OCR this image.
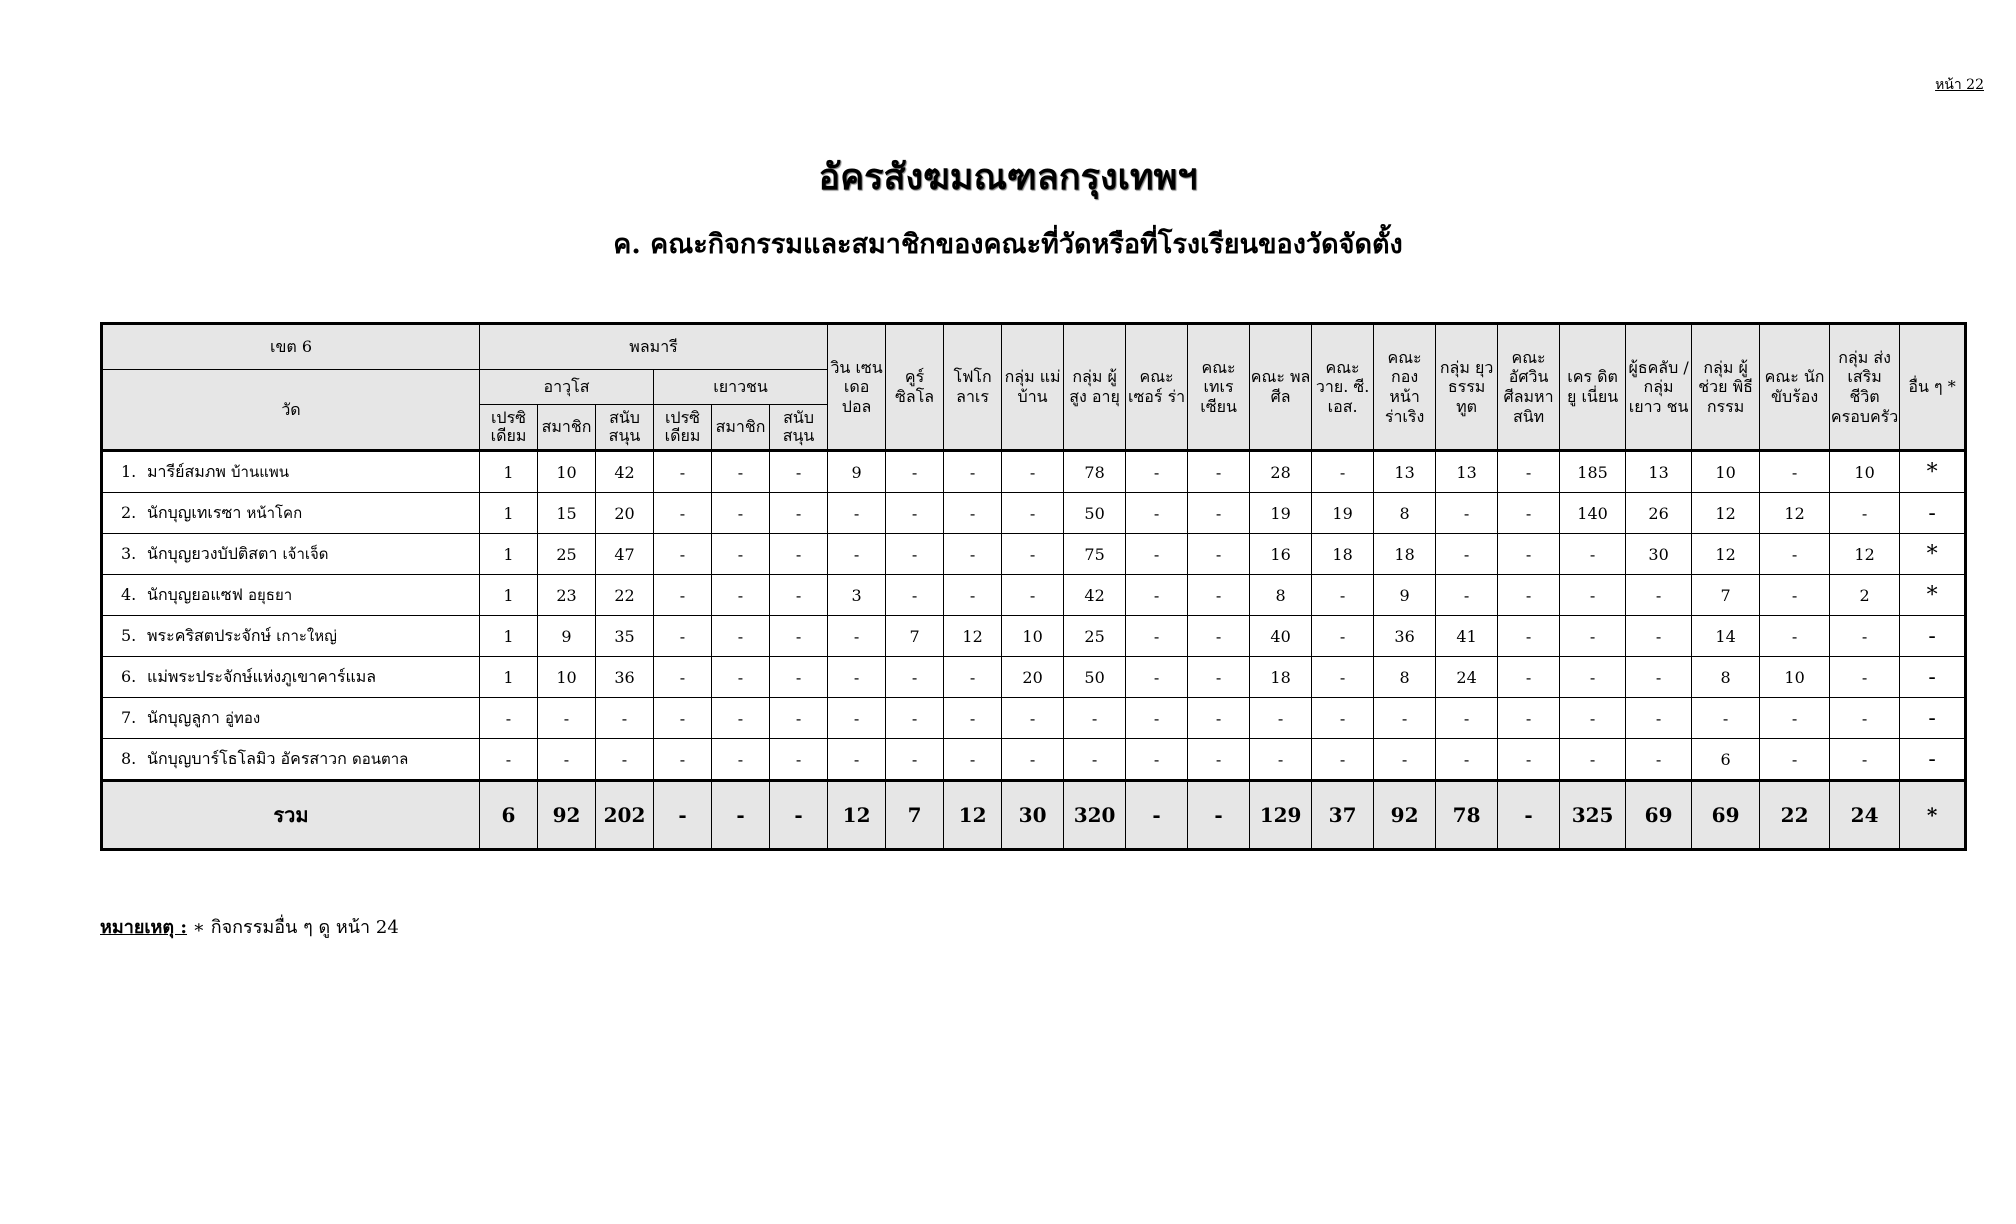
หน้า 22
อัครสังฆมณฑลกรุงเทพฯ
ค. คณะกิจกรรมและสมาชิกของคณะที่วัดหรือที่โรงเรียนของวัดจัดตั้ง
เขต 6	พลมารี						วิน เซน เดอ ปอล	คูร์ ซิลโล	โฟโก ลาเร	กลุ่ม แม่ บ้าน	กลุ่ม ผู้สูง อายุ	คณะ เซอร์ ร่า	คณะ เทเร เซียน	คณะ พล ศีล	คณะ วาย. ซี. เอส.	คณะ กอง หน้า ร่าเริง	กลุ่ม ยุว ธรรม ทูต	คณะ อัศวิน ศีลมหา สนิท	เคร ดิต ยู เนี่ยน	ผู้ธคลับ /กลุ่ม เยาว ชน	กลุ่ม ผู้ช่วย พิธี กรรม	คณะ นัก ขับร้อง	กลุ่ม ส่งเสริม ชีวิต ครอบครัว	อื่น ๆ *
วัด	อาวุโส			เยาวชน																				
	เปรซิ เดียม	สมาชิก	สนับ สนุน	เปรซิ เดียม	สมาชิก	สนับ สนุน																		
1. มารีย์สมภพ บ้านแพน	1	10	42	-	-	-	9	-	-	-	78	-	-	28	-	13	13	-	185	13	10	-	10	*
2. นักบุญเทเรซา หน้าโคก	1	15	20	-	-	-	-	-	-	-	50	-	-	19	19	8	-	-	140	26	12	12	-	-
3. นักบุญยวงบัปติสตา เจ้าเจ็ด	1	25	47	-	-	-	-	-	-	-	75	-	-	16	18	18	-	-	-	30	12	-	12	*
4. นักบุญยอแซฟ อยุธยา	1	23	22	-	-	-	3	-	-	-	42	-	-	8	-	9	-	-	-	-	7	-	2	*
5. พระคริสตประจักษ์ เกาะใหญ่	1	9	35	-	-	-	-	7	12	10	25	-	-	40	-	36	41	-	-	-	14	-	-	-
6. แม่พระประจักษ์แห่งภูเขาคาร์แมล	1	10	36	-	-	-	-	-	-	20	50	-	-	18	-	8	24	-	-	-	8	10	-	-
7. นักบุญลูกา อู่ทอง	-	-	-	-	-	-	-	-	-	-	-	-	-	-	-	-	-	-	-	-	-	-	-	-
8. นักบุญบาร์โธโลมิว อัครสาวก ดอนตาล	-	-	-	-	-	-	-	-	-	-	-	-	-	-	-	-	-	-	-	-	6	-	-	-
รวม	6	92	202	-	-	-	12	7	12	30	320	-	-	129	37	92	78	-	325	69	69	22	24	*
หมายเหตุ : ∗ กิจกรรมอื่น ๆ ดู หน้า 24
